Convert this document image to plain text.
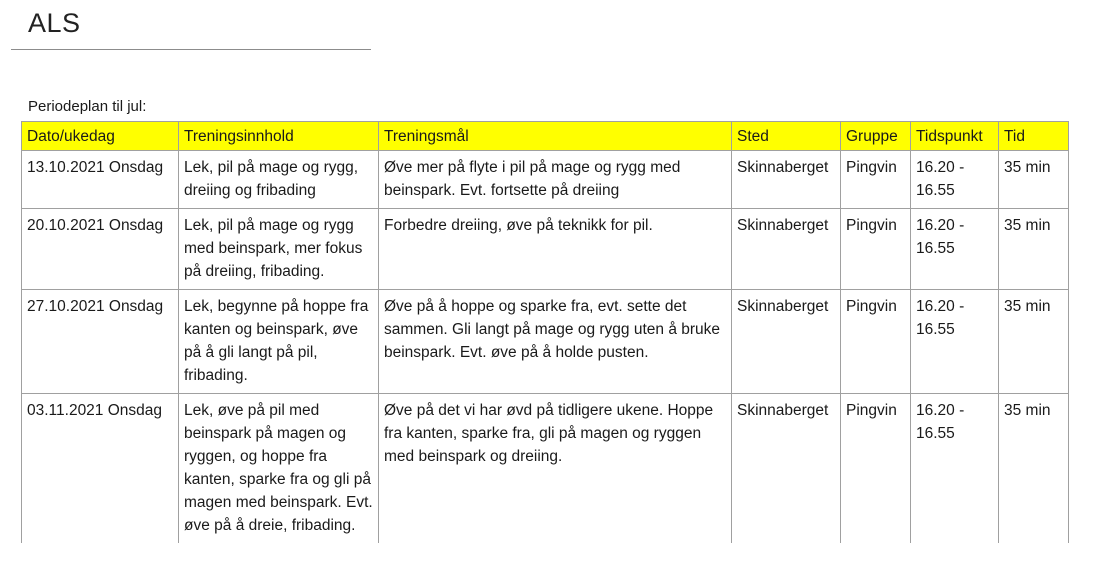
ALS
Periodeplan til jul:
Dato/ukedag	Treningsinnhold	Treningsmål	Sted	Gruppe	Tidspunkt	Tid
13.10.2021 Onsdag	Lek, pil på mage og rygg, dreiing og fribading	Øve mer på flyte i pil på mage og rygg med beinspark. Evt. fortsette på dreiing	Skinnaberget	Pingvin	16.20 - 16.55	35 min
20.10.2021 Onsdag	Lek, pil på mage og rygg med beinspark, mer fokus på dreiing, fribading.	Forbedre dreiing, øve på teknikk for pil.	Skinnaberget	Pingvin	16.20 - 16.55	35 min
27.10.2021 Onsdag	Lek, begynne på hoppe fra kanten og beinspark, øve på å gli langt på pil, fribading.	Øve på å hoppe og sparke fra, evt. sette det sammen. Gli langt på mage og rygg uten å bruke beinspark. Evt. øve på å holde pusten.	Skinnaberget	Pingvin	16.20 - 16.55	35 min
03.11.2021 Onsdag	Lek, øve på pil med beinspark på magen og ryggen, og hoppe fra kanten, sparke fra og gli på magen med beinspark. Evt. øve på å dreie, fribading.	Øve på det vi har øvd på tidligere ukene. Hoppe fra kanten, sparke fra, gli på magen og ryggen med beinspark og dreiing.	Skinnaberget	Pingvin	16.20 - 16.55	35 min
